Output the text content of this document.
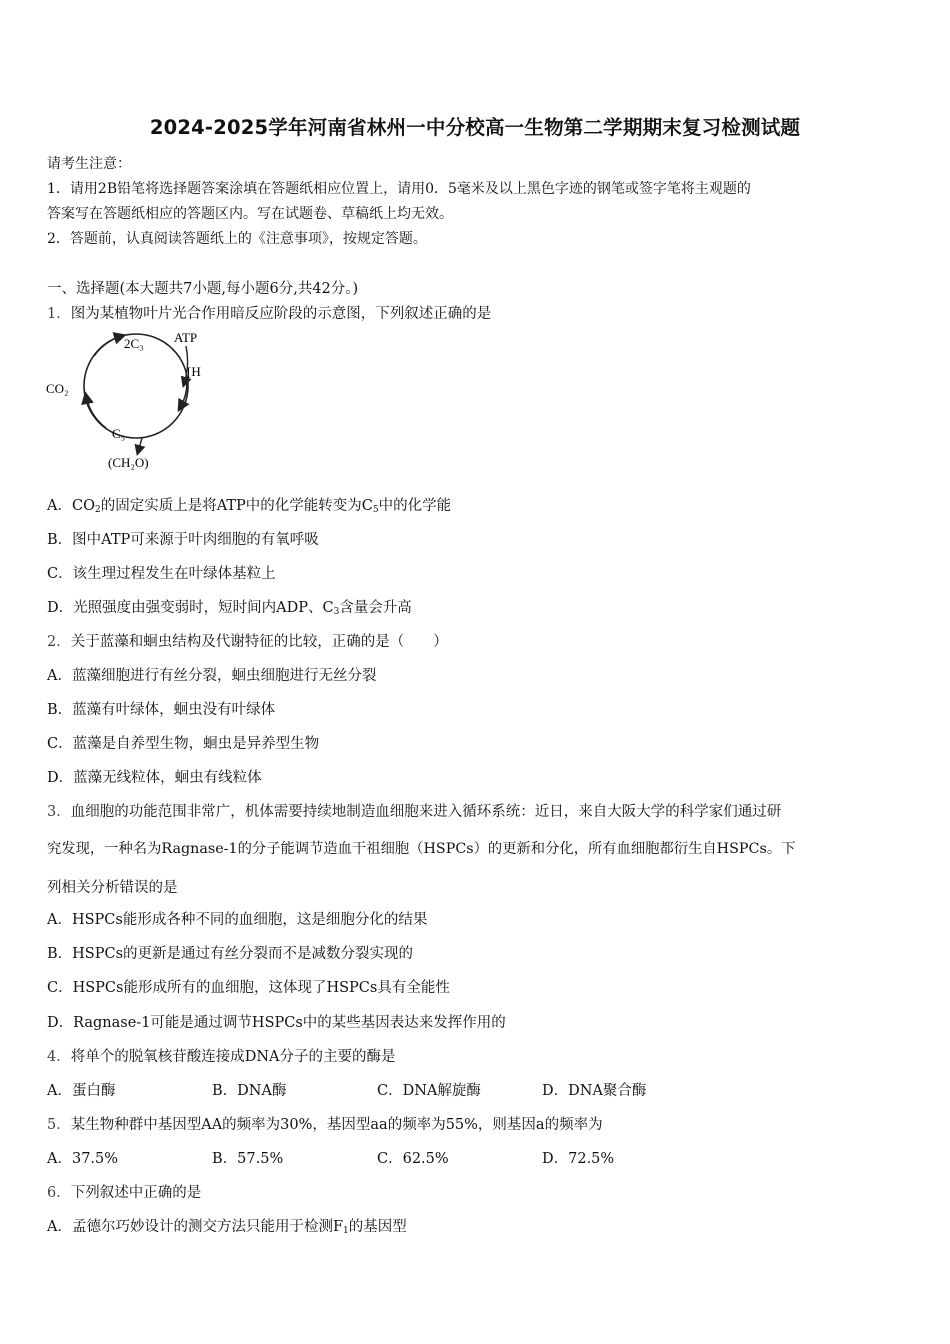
2024-2025学年河南省林州一中分校高一生物第二学期期末复习检测试题
请考生注意：
1．请用2B铅笔将选择题答案涂填在答题纸相应位置上，请用0．5毫米及以上黑色字迹的钢笔或签字笔将主观题的
答案写在答题纸相应的答题区内。写在试题卷、草稿纸上均无效。
2．答题前，认真阅读答题纸上的《注意事项》，按规定答题。
一、选择题(本大题共7小题,每小题6分,共42分。)
1．图为某植物叶片光合作用暗反应阶段的示意图，下列叙述正确的是
CO₂
2C₃ ATP
[H
C₅
(CH₂O)
A．$CO_2$的固定实质上是将ATP中的化学能转变为$C_5$中的化学能
B．图中ATP可来源于叶肉细胞的有氧呼吸
C．该生理过程发生在叶绿体基粒上
D．光照强度由强变弱时，短时间内ADP、$C_3$含量会升高
2．关于蓝藻和蛔虫结构及代谢特征的比较，正确的是（　　）
A．蓝藻细胞进行有丝分裂，蛔虫细胞进行无丝分裂
B．蓝藻有叶绿体，蛔虫没有叶绿体
C．蓝藻是自养型生物，蛔虫是异养型生物
D．蓝藻无线粒体，蛔虫有线粒体
3．血细胞的功能范围非常广，机体需要持续地制造血细胞来进入循环系统：近日，来自大阪大学的科学家们通过研
究发现，一种名为Ragnase-1的分子能调节造血干祖细胞（HSPCs）的更新和分化，所有血细胞都衍生自HSPCs。下
列相关分析错误的是
A．HSPCs能形成各种不同的血细胞，这是细胞分化的结果
B．HSPCs的更新是通过有丝分裂而不是减数分裂实现的
C．HSPCs能形成所有的血细胞，这体现了HSPCs具有全能性
D．Ragnase-1可能是通过调节HSPCs中的某些基因表达来发挥作用的
4．将单个的脱氧核苷酸连接成DNA分子的主要的酶是
A．蛋白酶	B．DNA酶	C．DNA解旋酶	D．DNA聚合酶
5．某生物种群中基因型AA的频率为30%，基因型aa的频率为55%，则基因a的频率为
A．37.5%	B．57.5%	C．62.5%	D．72.5%
6．下列叙述中正确的是
A．孟德尔巧妙设计的测交方法只能用于检测$F_1$的基因型
